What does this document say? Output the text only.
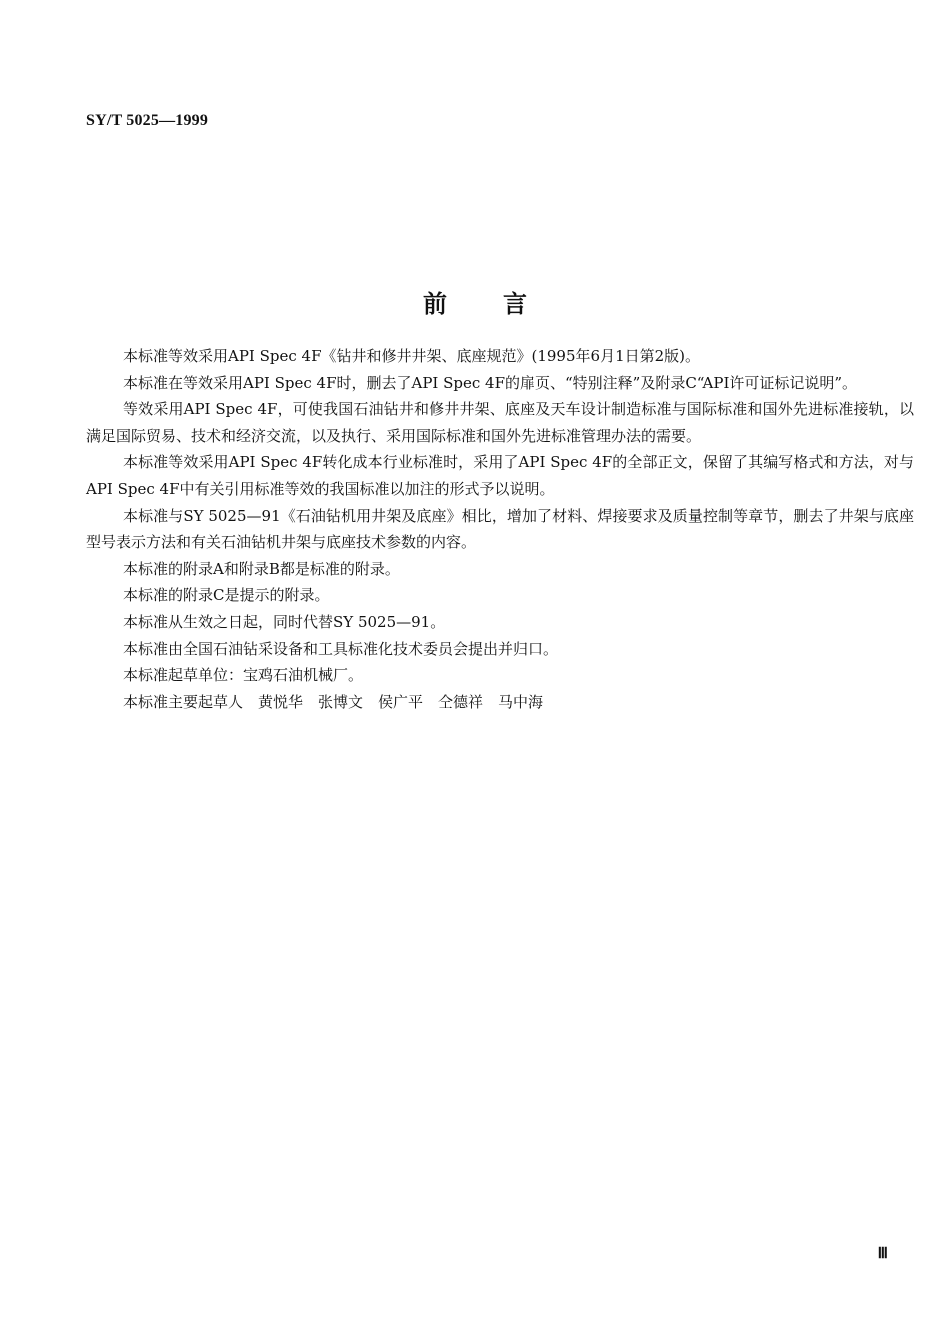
SY/T 5025—1999
前言

本标准等效采用API Spec 4F《钻井和修井井架、底座规范》(1995年6月1日第2版)。

本标准在等效采用API Spec 4F时，删去了API Spec 4F的扉页、“特别注释”及附录C“API许可证标记说明”。

等效采用API Spec 4F，可使我国石油钻井和修井井架、底座及天车设计制造标准与国际标准和国外先进标准接轨，以满足国际贸易、技术和经济交流，以及执行、采用国际标准和国外先进标准管理办法的需要。

本标准等效采用API Spec 4F转化成本行业标准时，采用了API Spec 4F的全部正文，保留了其编写格式和方法，对与API Spec 4F中有关引用标准等效的我国标准以加注的形式予以说明。

本标准与SY 5025—91《石油钻机用井架及底座》相比，增加了材料、焊接要求及质量控制等章节，删去了井架与底座型号表示方法和有关石油钻机井架与底座技术参数的内容。

本标准的附录A和附录B都是标准的附录。

本标准的附录C是提示的附录。

本标准从生效之日起，同时代替SY 5025—91。

本标准由全国石油钻采设备和工具标准化技术委员会提出并归口。

本标准起草单位：宝鸡石油机械厂。

本标准主要起草人　黄悦华　张博文　侯广平　仝德祥　马中海

Ⅲ
